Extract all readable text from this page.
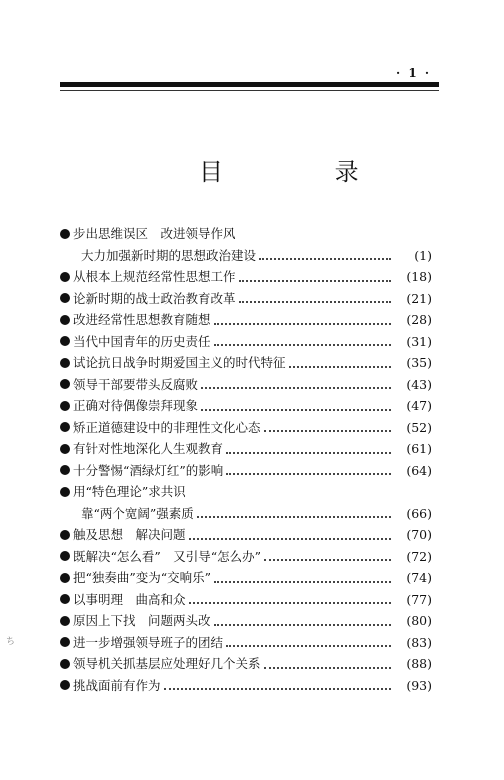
· 1 ·
目 录
步出思维误区　改进领导作风
大力加强新时期的思想政治建设	(1)
从根本上规范经常性思想工作	(18)
论新时期的战士政治教育改革	(21)
改进经常性思想教育随想	(28)
当代中国青年的历史责任	(31)
试论抗日战争时期爱国主义的时代特征	(35)
领导干部要带头反腐败	(43)
正确对待偶像崇拜现象	(47)
矫正道德建设中的非理性文化心态	(52)
有针对性地深化人生观教育	(61)
十分警惕“酒绿灯红”的影响	(64)
用“特色理论”求共识
靠“两个宽阔”强素质	(66)
触及思想　解决问题	(70)
既解决“怎么看”　又引导“怎么办”	(72)
把“独奏曲”变为“交响乐”	(74)
以事明理　曲高和众	(77)
原因上下找　问题两头改	(80)
进一步增强领导班子的团结	(83)
领导机关抓基层应处理好几个关系	(88)
挑战面前有作为	(93)
ち
